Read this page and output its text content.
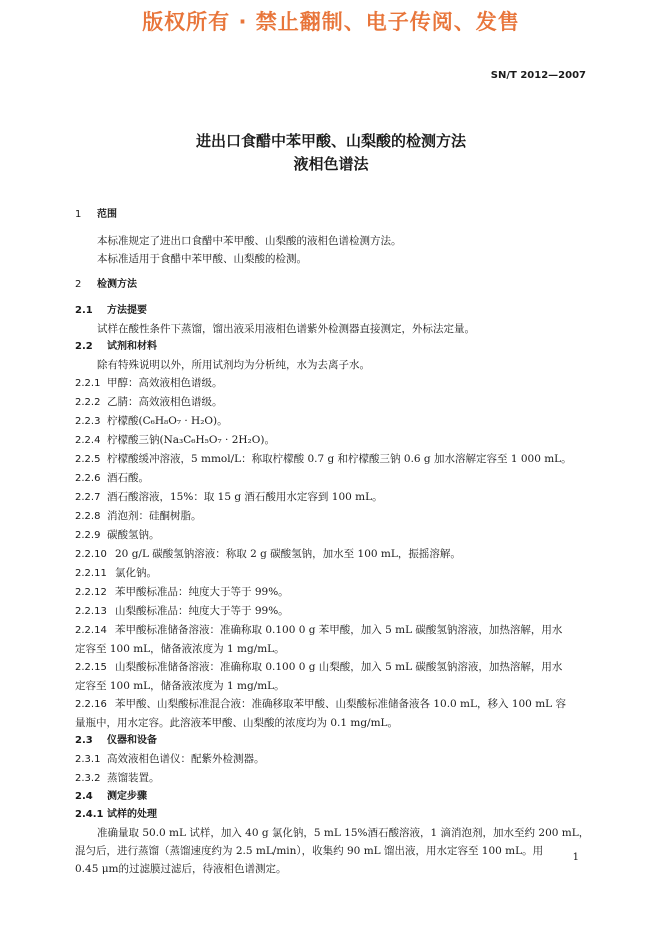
版权所有 · 禁止翻制、电子传阅、发售
SN/T 2012—2007
进出口食醋中苯甲酸、山梨酸的检测方法
液相色谱法
1 范围
本标准规定了进出口食醋中苯甲酸、山梨酸的液相色谱检测方法。
本标准适用于食醋中苯甲酸、山梨酸的检测。
2 检测方法
2.1 方法提要
试样在酸性条件下蒸馏，馏出液采用液相色谱紫外检测器直接测定，外标法定量。
2.2 试剂和材料
除有特殊说明以外，所用试剂均为分析纯，水为去离子水。
2.2.1 甲醇：高效液相色谱级。
2.2.2 乙腈：高效液相色谱级。
2.2.3 柠檬酸(C₆H₈O₇ · H₂O)。
2.2.4 柠檬酸三钠(Na₃C₆H₅O₇ · 2H₂O)。
2.2.5 柠檬酸缓冲溶液，5 mmol/L：称取柠檬酸 0.7 g 和柠檬酸三钠 0.6 g 加水溶解定容至 1 000 mL。
2.2.6 酒石酸。
2.2.7 酒石酸溶液，15%：取 15 g 酒石酸用水定容到 100 mL。
2.2.8 消泡剂：硅酮树脂。
2.2.9 碳酸氢钠。
2.2.10 20 g/L 碳酸氢钠溶液：称取 2 g 碳酸氢钠，加水至 100 mL，振摇溶解。
2.2.11 氯化钠。
2.2.12 苯甲酸标准品：纯度大于等于 99%。
2.2.13 山梨酸标准品：纯度大于等于 99%。
2.2.14 苯甲酸标准储备溶液：准确称取 0.100 0 g 苯甲酸，加入 5 mL 碳酸氢钠溶液，加热溶解，用水
定容至 100 mL，储备液浓度为 1 mg/mL。
2.2.15 山梨酸标准储备溶液：准确称取 0.100 0 g 山梨酸，加入 5 mL 碳酸氢钠溶液，加热溶解，用水
定容至 100 mL，储备液浓度为 1 mg/mL。
2.2.16 苯甲酸、山梨酸标准混合液：准确移取苯甲酸、山梨酸标准储备液各 10.0 mL，移入 100 mL 容
量瓶中，用水定容。此溶液苯甲酸、山梨酸的浓度均为 0.1 mg/mL。
2.3 仪器和设备
2.3.1 高效液相色谱仪：配紫外检测器。
2.3.2 蒸馏装置。
2.4 测定步骤
2.4.1 试样的处理
准确量取 50.0 mL 试样，加入 40 g 氯化钠，5 mL 15%酒石酸溶液，1 滴消泡剂，加水至约 200 mL，
混匀后，进行蒸馏（蒸馏速度约为 2.5 mL/min），收集约 90 mL 馏出液，用水定容至 100 mL。用
0.45 μm的过滤膜过滤后，待液相色谱测定。
1
